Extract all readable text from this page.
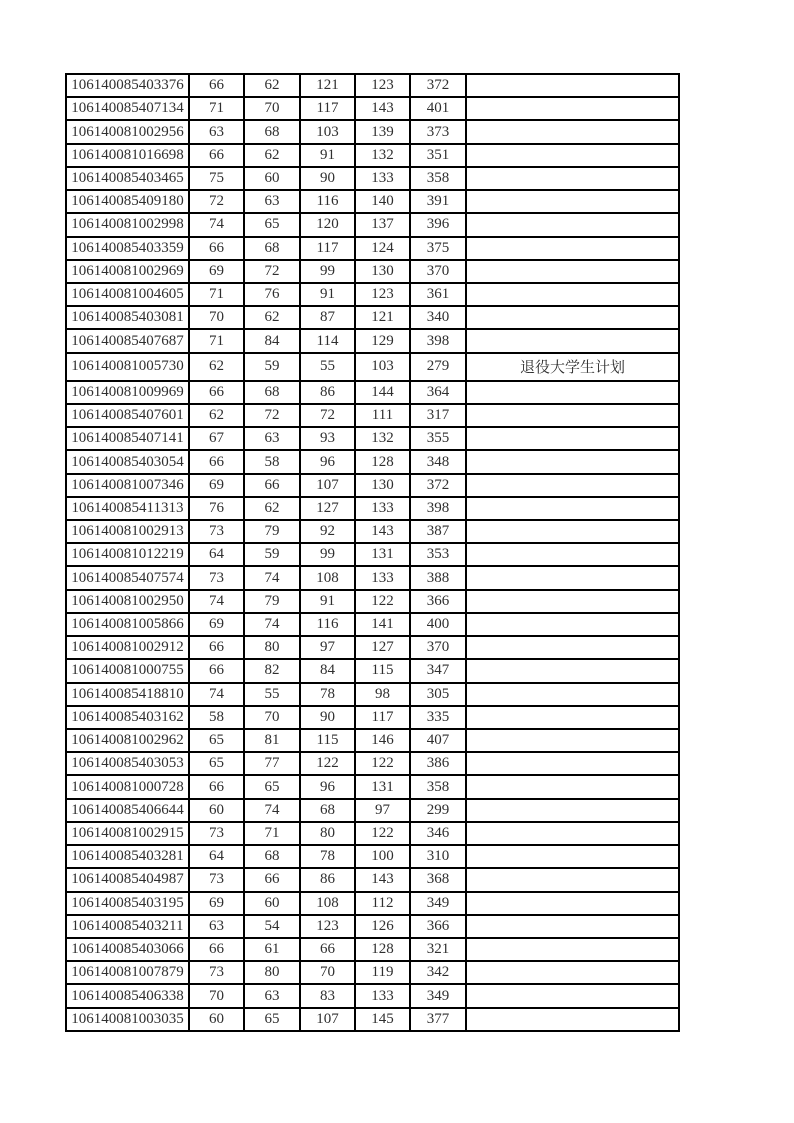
106140085403376	66	62	121	123	372	
106140085407134	71	70	117	143	401	
106140081002956	63	68	103	139	373	
106140081016698	66	62	91	132	351	
106140085403465	75	60	90	133	358	
106140085409180	72	63	116	140	391	
106140081002998	74	65	120	137	396	
106140085403359	66	68	117	124	375	
106140081002969	69	72	99	130	370	
106140081004605	71	76	91	123	361	
106140085403081	70	62	87	121	340	
106140085407687	71	84	114	129	398	
106140081005730	62	59	55	103	279	退役大学生计划
106140081009969	66	68	86	144	364	
106140085407601	62	72	72	111	317	
106140085407141	67	63	93	132	355	
106140085403054	66	58	96	128	348	
106140081007346	69	66	107	130	372	
106140085411313	76	62	127	133	398	
106140081002913	73	79	92	143	387	
106140081012219	64	59	99	131	353	
106140085407574	73	74	108	133	388	
106140081002950	74	79	91	122	366	
106140081005866	69	74	116	141	400	
106140081002912	66	80	97	127	370	
106140081000755	66	82	84	115	347	
106140085418810	74	55	78	98	305	
106140085403162	58	70	90	117	335	
106140081002962	65	81	115	146	407	
106140085403053	65	77	122	122	386	
106140081000728	66	65	96	131	358	
106140085406644	60	74	68	97	299	
106140081002915	73	71	80	122	346	
106140085403281	64	68	78	100	310	
106140085404987	73	66	86	143	368	
106140085403195	69	60	108	112	349	
106140085403211	63	54	123	126	366	
106140085403066	66	61	66	128	321	
106140081007879	73	80	70	119	342	
106140085406338	70	63	83	133	349	
106140081003035	60	65	107	145	377	
